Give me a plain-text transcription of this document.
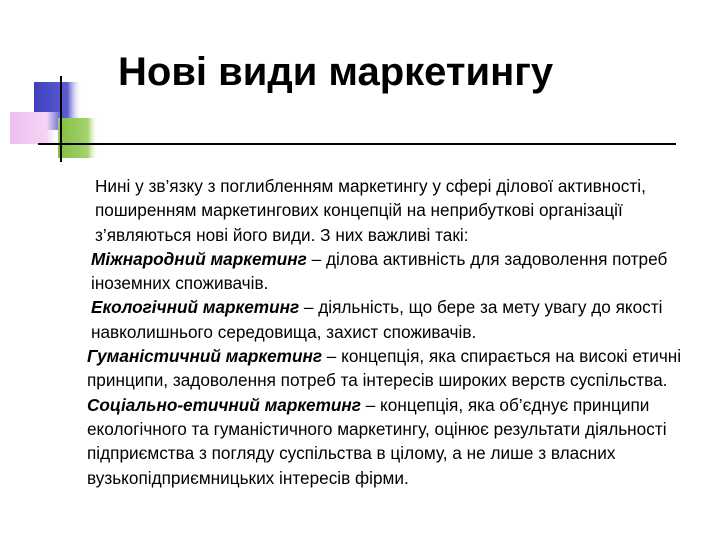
Нові види маркетингу

Нині у зв’язку з поглибленням маркетингу у сфері ділової активності, поширенням маркетингових концепцій на неприбуткові організації з’являються нові його види. З них важливі такі:

Міжнародний маркетинг – ділова активність для задоволення потреб іноземних споживачів.

Екологічний маркетинг – діяльність, що бере за мету увагу до якості навколишнього середовища, захист споживачів.

Гуманістичний маркетинг – концепція, яка спирається на високі етичні принципи, задоволення потреб та інтересів широких верств суспільства.

Соціально-етичний маркетинг – концепція, яка об’єднує принципи екологічного та гуманістичного маркетингу, оцінює результати діяльності підприємства з погляду суспільства в цілому, а не лише з власних вузькопідприємницьких інтересів фірми.
